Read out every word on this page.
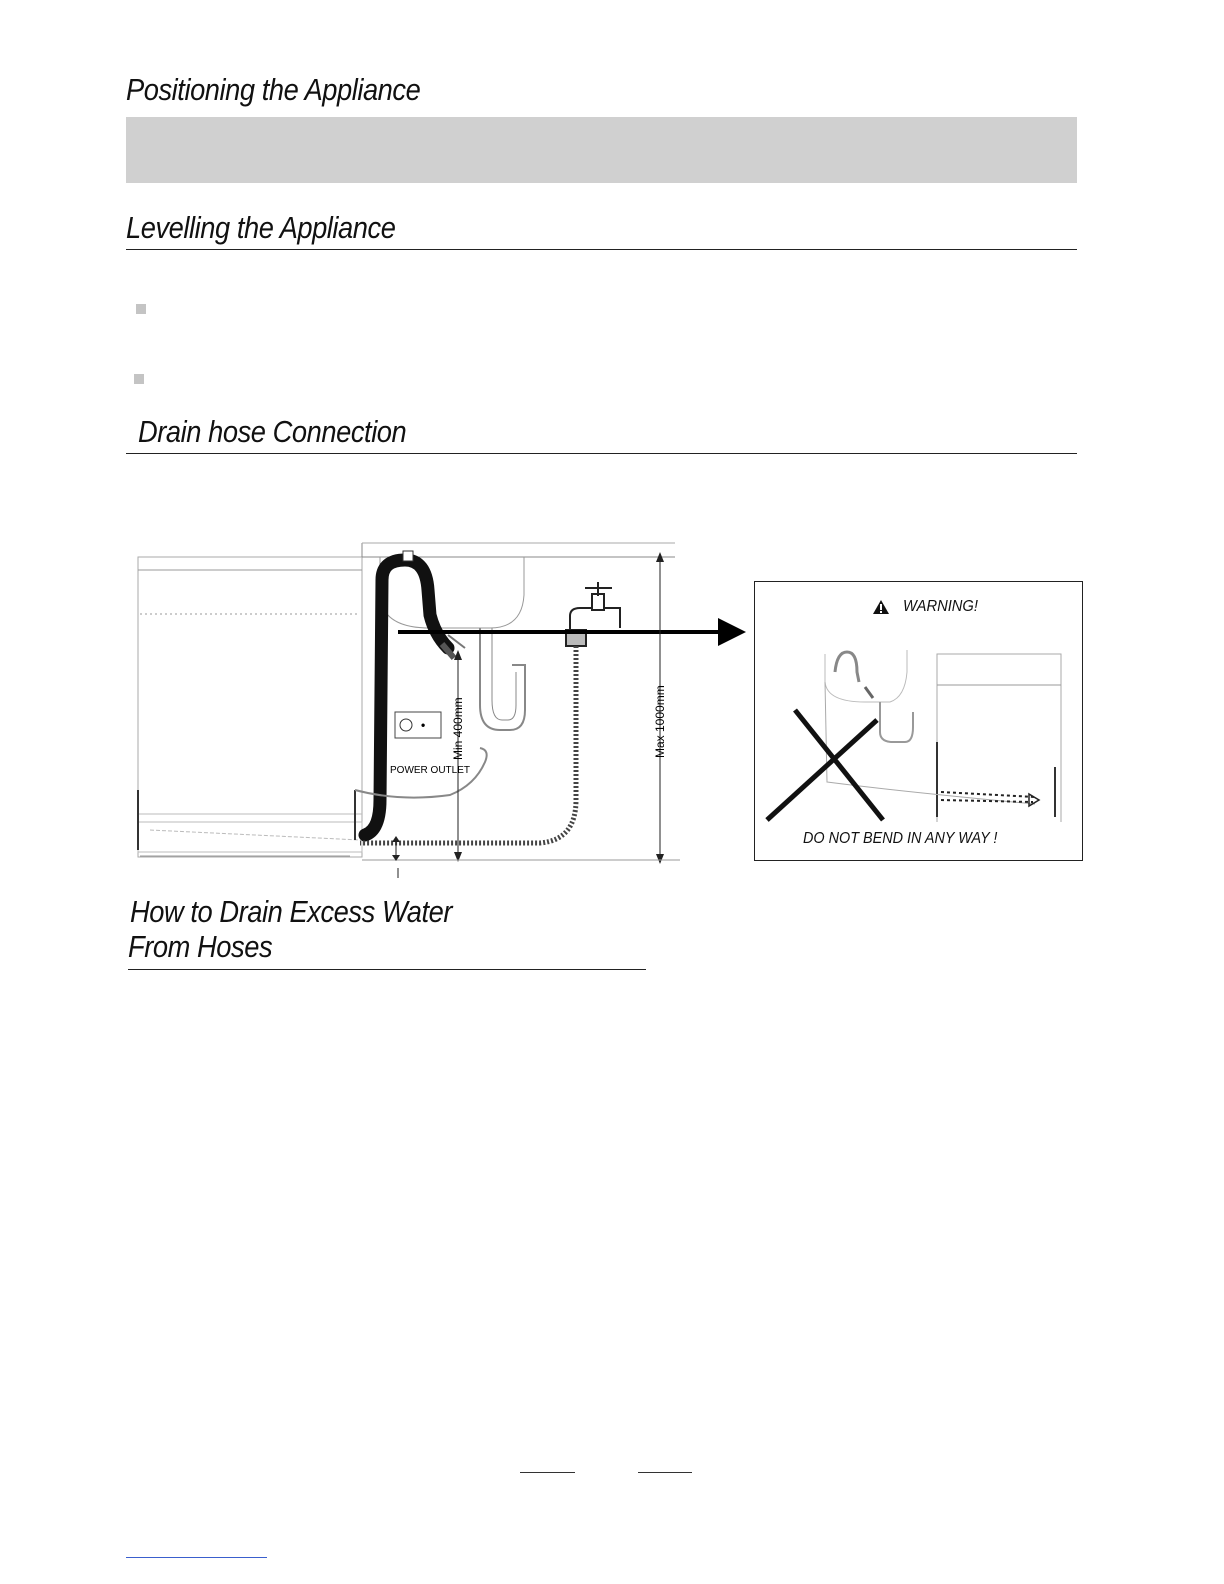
Positioning the Appliance
Levelling the Appliance
Drain hose Connection
• Min 400mm	Max 1000mm
POWER OUTLET
WARNING!
DO NOT BEND IN ANY WAY !
How to Drain Excess Water
From Hoses
